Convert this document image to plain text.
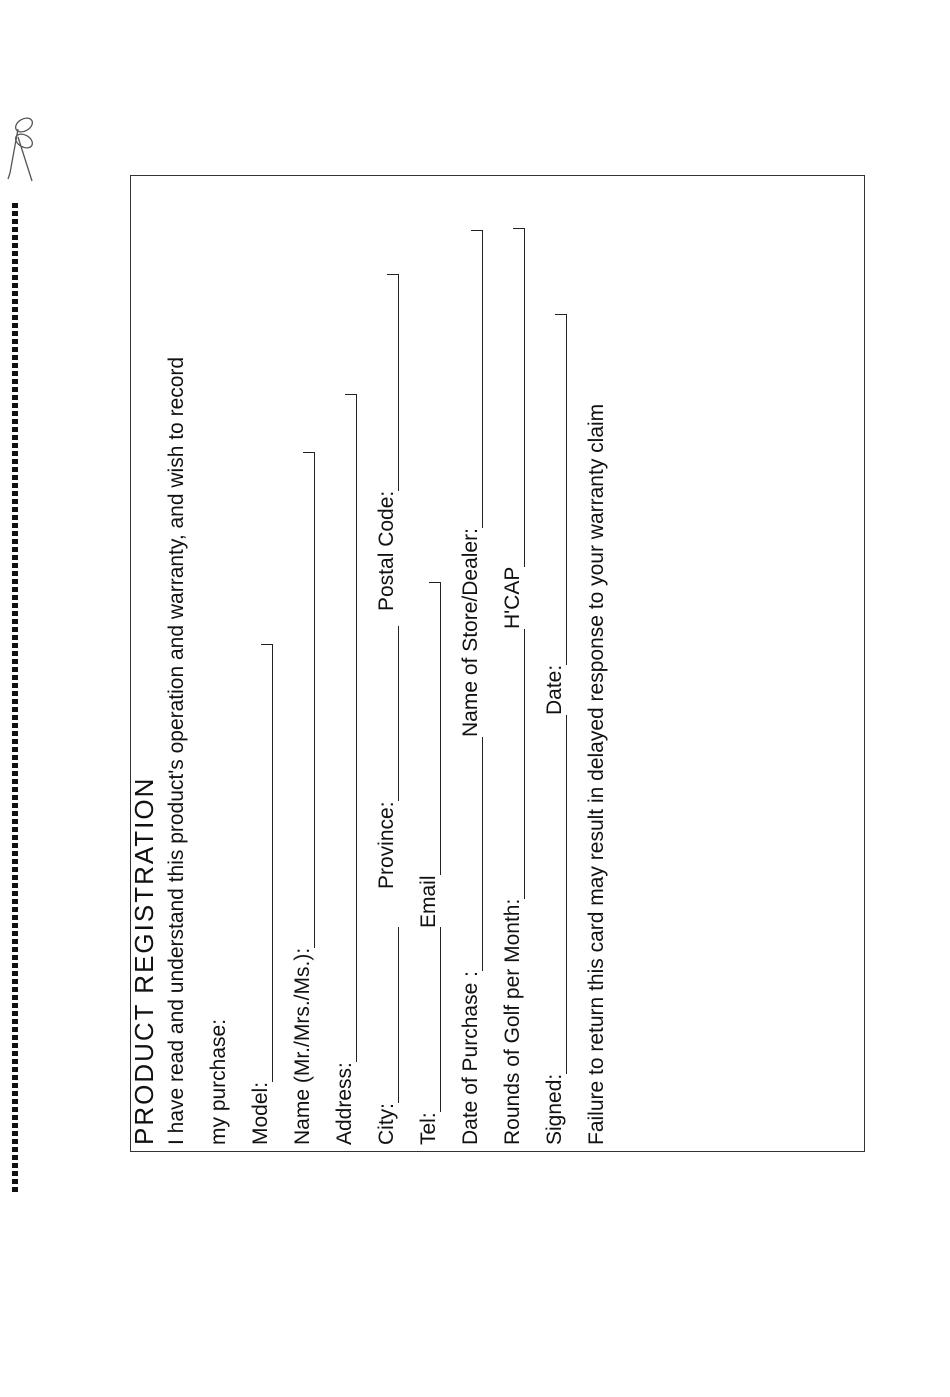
PRODUCT REGISTRATION I have read and understand this product's operation and warranty, and wish to record my purchase: Model: Name (Mr./Mrs./Ms.): Address: City:
Province:
Postal Code:
Tel:
Email
Date of Purchase :
Name of Store/Dealer:
Rounds of Golf per Month:
H'CAP
Signed:
Date: Failure to return this card may result in delayed response to your warranty claim
